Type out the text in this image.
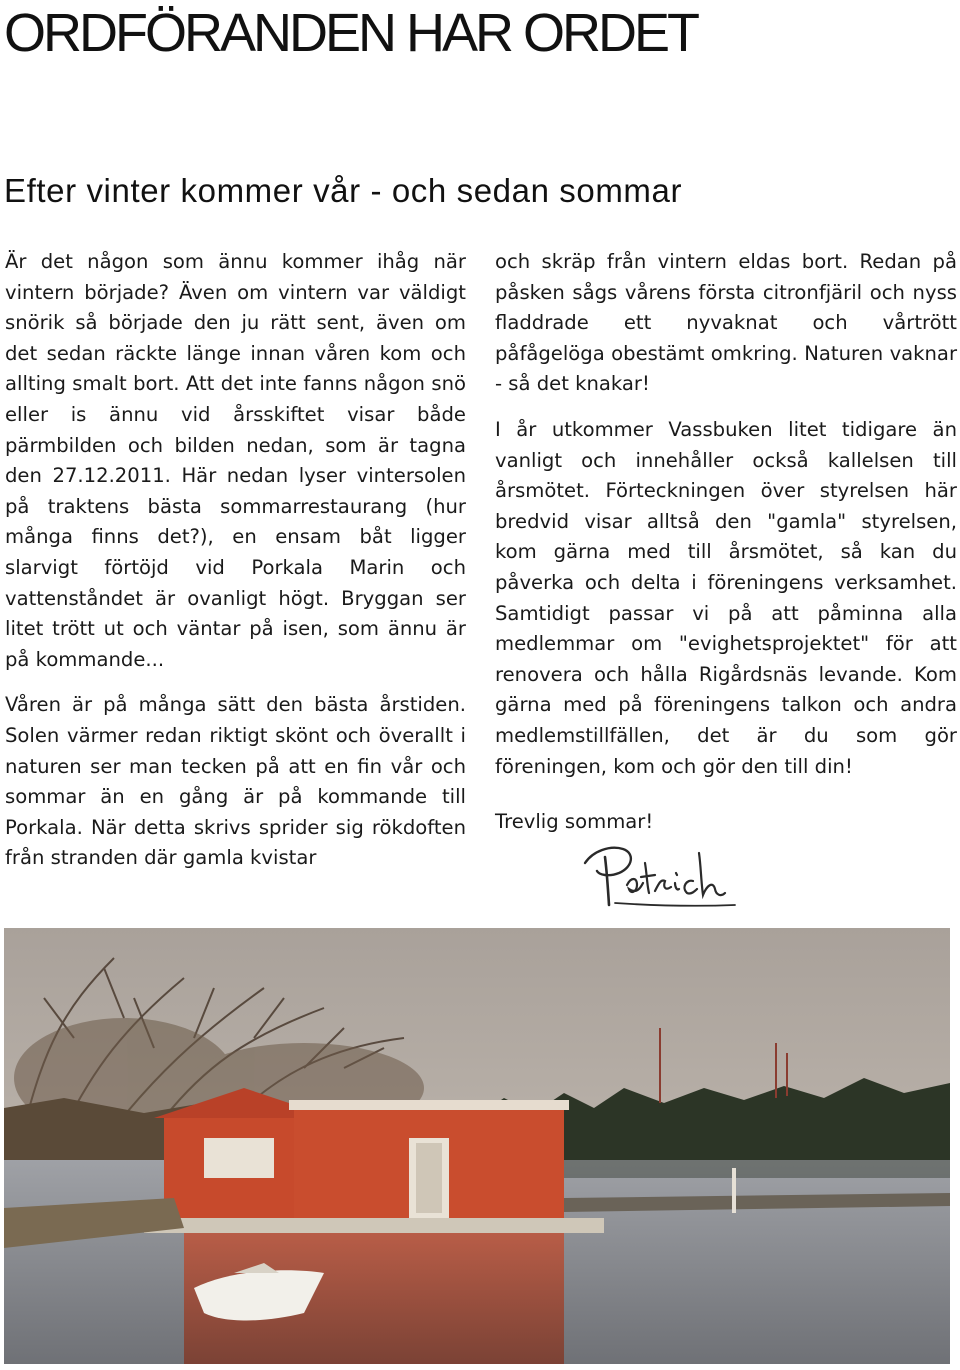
ORDFÖRANDEN HAR ORDET
Efter vinter kommer vår - och sedan sommar

Är det någon som ännu kommer ihåg när vintern började? Även om vintern var väldigt snörik så började den ju rätt sent, även om det sedan räckte länge innan våren kom och allting smalt bort. Att det inte fanns någon snö eller is ännu vid årsskiftet visar både pärmbilden och bilden nedan, som är tagna den 27.12.2011. Här nedan lyser vintersolen på traktens bästa sommarrestaurang (hur många finns det?), en ensam båt ligger slarvigt förtöjd vid Porkala Marin och vattenståndet är ovanligt högt. Bryggan ser litet trött ut och väntar på isen, som ännu är på kommande...

Våren är på många sätt den bästa årstiden. Solen värmer redan riktigt skönt och överallt i naturen ser man tecken på att en fin vår och sommar än en gång är på kommande till Porkala. När detta skrivs sprider sig rökdoften från stranden där gamla kvistar

och skräp från vintern eldas bort. Redan på påsken sågs vårens första citronfjäril och nyss fladdrade ett nyvaknat och vårtrött påfågelöga obestämt omkring. Naturen vaknar - så det knakar!

I år utkommer Vassbuken litet tidigare än vanligt och innehåller också kallelsen till årsmötet. Förteckningen över styrelsen här bredvid visar alltså den "gamla" styrelsen, kom gärna med till årsmötet, så kan du påverka och delta i föreningens verksamhet. Samtidigt passar vi på att påminna alla medlemmar om "evighetsprojektet" för att renovera och hålla Rigårdsnäs levande. Kom gärna med på föreningens talkon och andra medlemstillfällen, det är du som gör föreningen, kom och gör den till din!

Trevlig sommar!
